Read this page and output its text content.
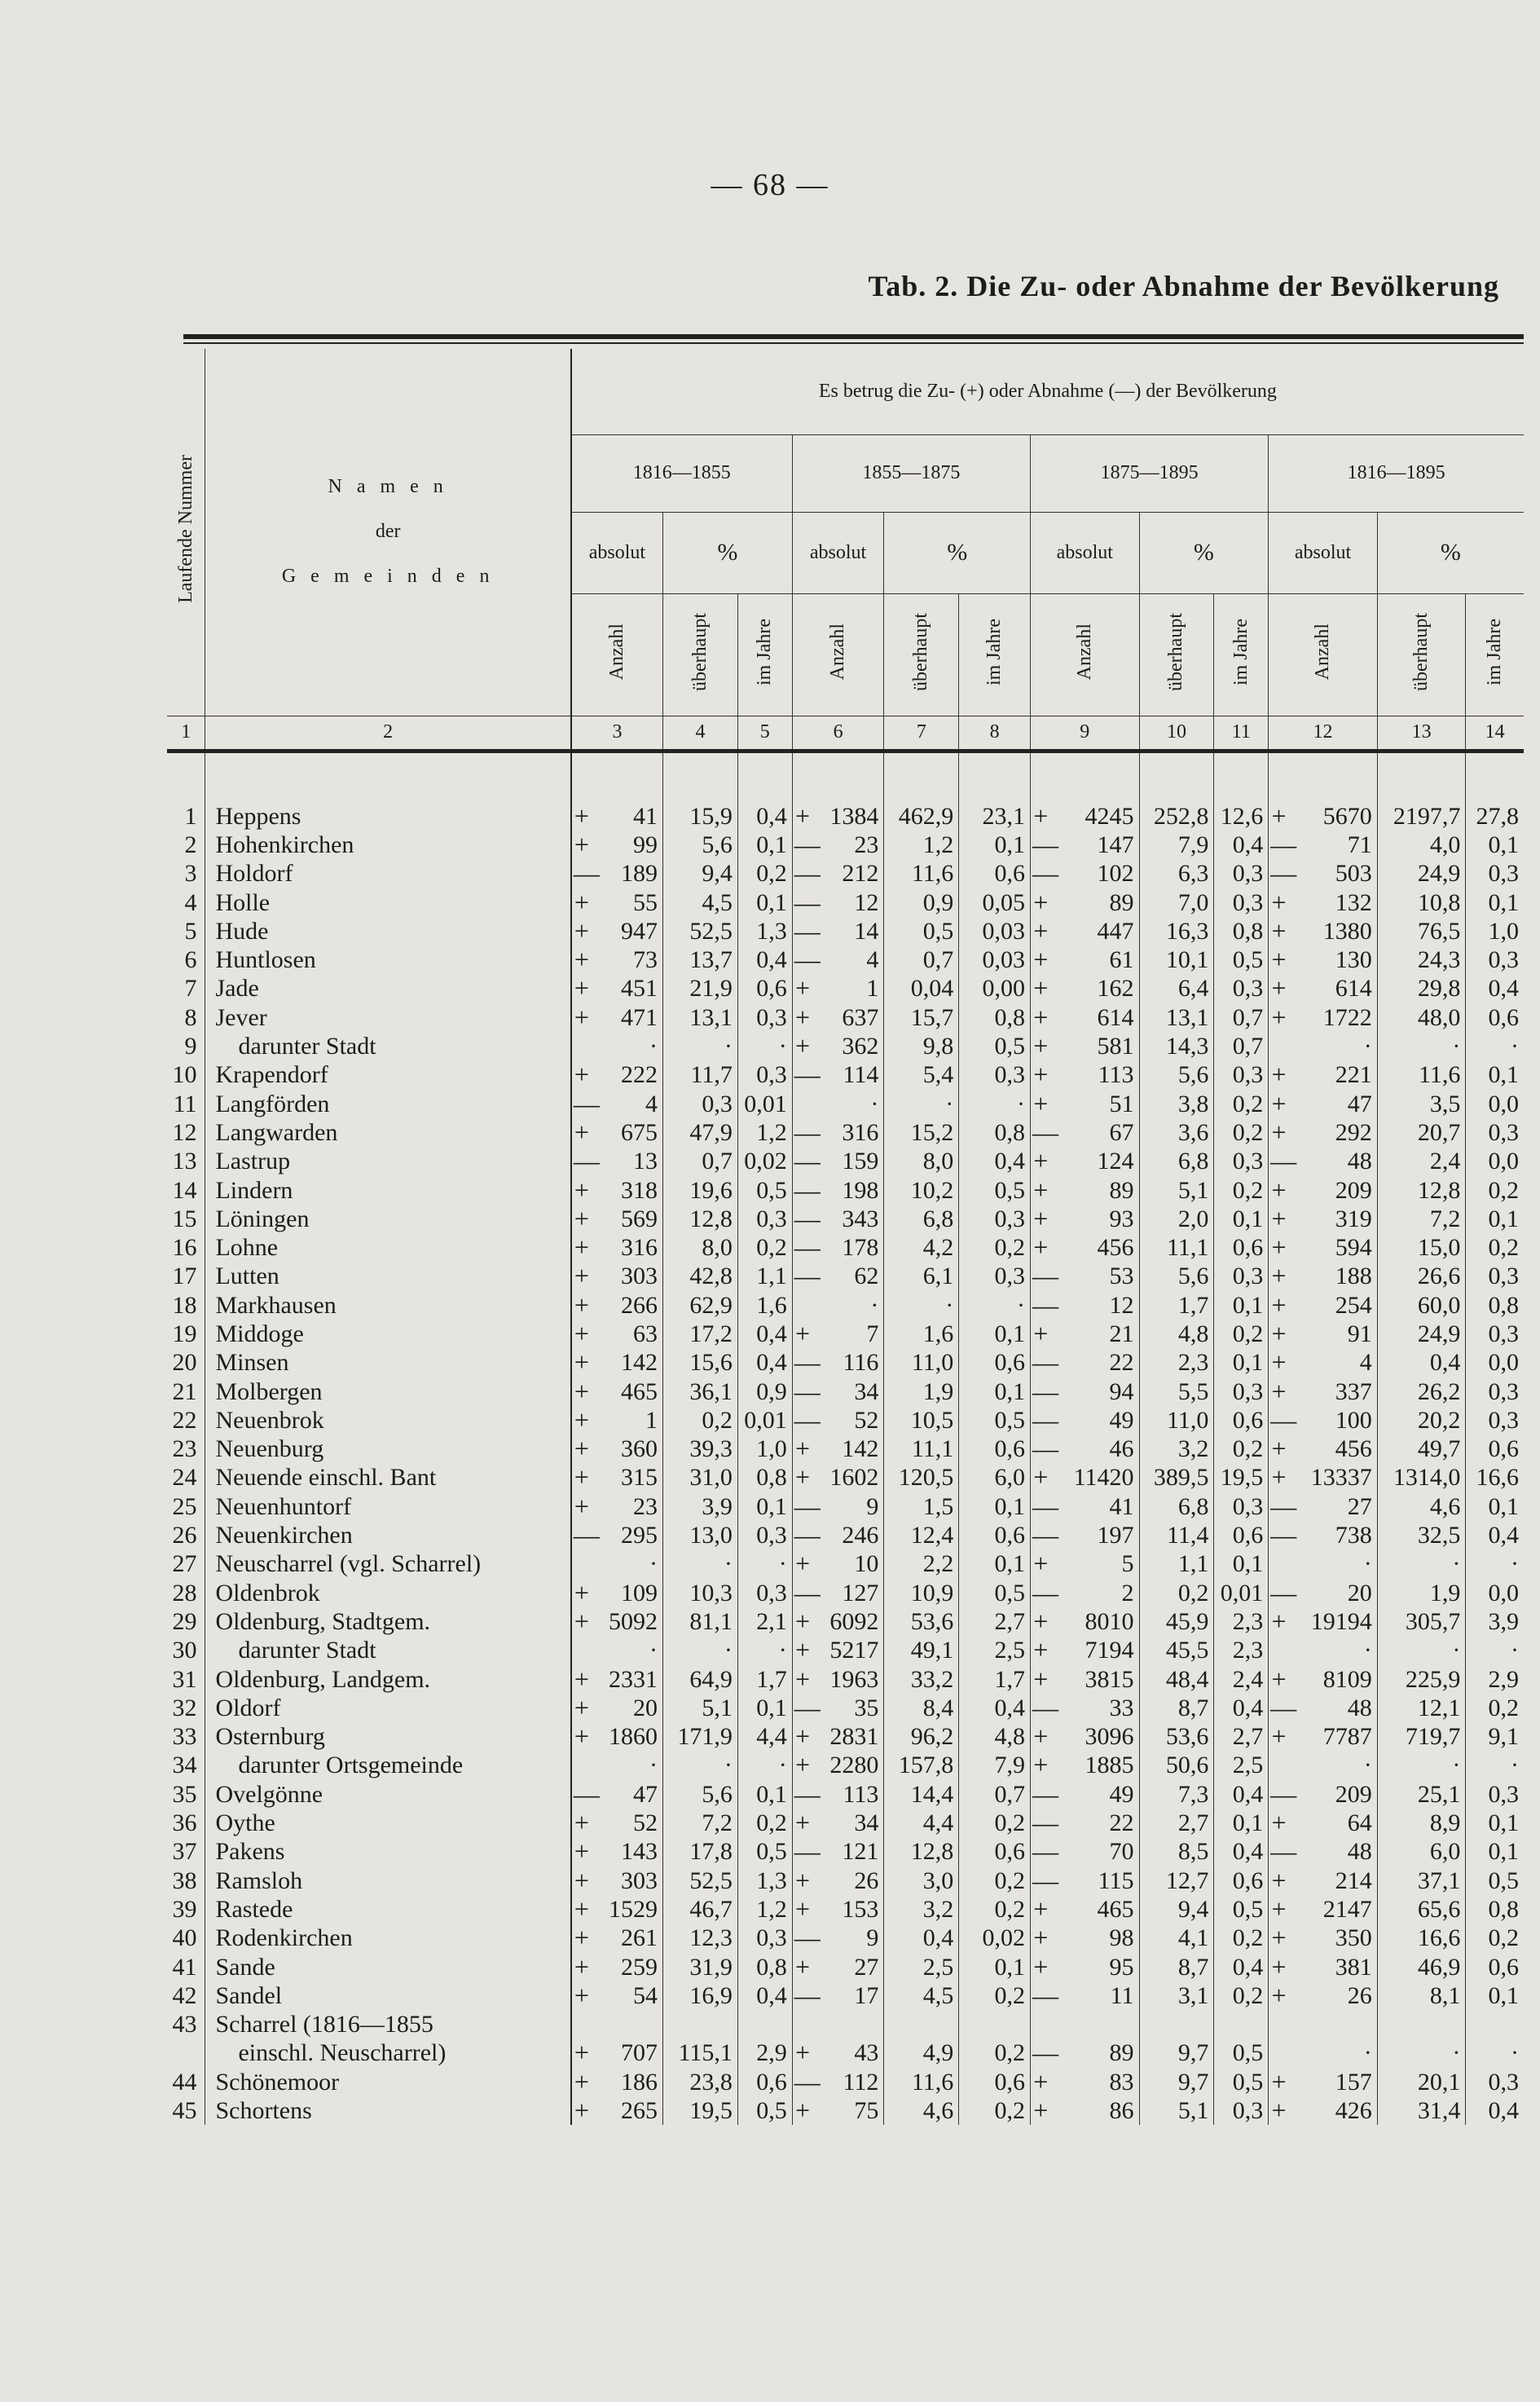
— 68 —
Tab. 2. Die Zu- oder Abnahme der Bevölkerung
Laufende Nummer	N a m e n
der
G e m e i n d e n	Es betrug die Zu- (+) oder Abnahme (—) der Bevölkerung															
		1816—1855				1855—1875				1875—1895				1816—1895			
		absolut		%		absolut		%		absolut		%		absolut		%	
		Anzahl		überhaupt	im Jahre	Anzahl		überhaupt	im Jahre	Anzahl		überhaupt	im Jahre	Anzahl		überhaupt	im Jahre
1	2	3		4	5	6		7	8	9		10	11	12		13	14

1	Heppens	+	41	15,9	0,4	+	1384	462,9	23,1	+	4245	252,8	12,6	+	5670	2197,7	27,8
2	Hohenkirchen	+	99	5,6	0,1	—	23	1,2	0,1	—	147	7,9	0,4	—	71	4,0	0,1
3	Holdorf	—	189	9,4	0,2	—	212	11,6	0,6	—	102	6,3	0,3	—	503	24,9	0,3
4	Holle	+	55	4,5	0,1	—	12	0,9	0,05	+	89	7,0	0,3	+	132	10,8	0,1
5	Hude	+	947	52,5	1,3	—	14	0,5	0,03	+	447	16,3	0,8	+	1380	76,5	1,0
6	Huntlosen	+	73	13,7	0,4	—	4	0,7	0,03	+	61	10,1	0,5	+	130	24,3	0,3
7	Jade	+	451	21,9	0,6	+	1	0,04	0,00	+	162	6,4	0,3	+	614	29,8	0,4
8	Jever	+	471	13,1	0,3	+	637	15,7	0,8	+	614	13,1	0,7	+	1722	48,0	0,6
9	darunter Stadt		·	·	·	+	362	9,8	0,5	+	581	14,3	0,7		·	·	·
10	Krapendorf	+	222	11,7	0,3	—	114	5,4	0,3	+	113	5,6	0,3	+	221	11,6	0,1
11	Langförden	—	4	0,3	0,01		·	·	·	+	51	3,8	0,2	+	47	3,5	0,0
12	Langwarden	+	675	47,9	1,2	—	316	15,2	0,8	—	67	3,6	0,2	+	292	20,7	0,3
13	Lastrup	—	13	0,7	0,02	—	159	8,0	0,4	+	124	6,8	0,3	—	48	2,4	0,0
14	Lindern	+	318	19,6	0,5	—	198	10,2	0,5	+	89	5,1	0,2	+	209	12,8	0,2
15	Löningen	+	569	12,8	0,3	—	343	6,8	0,3	+	93	2,0	0,1	+	319	7,2	0,1
16	Lohne	+	316	8,0	0,2	—	178	4,2	0,2	+	456	11,1	0,6	+	594	15,0	0,2
17	Lutten	+	303	42,8	1,1	—	62	6,1	0,3	—	53	5,6	0,3	+	188	26,6	0,3
18	Markhausen	+	266	62,9	1,6		·	·	·	—	12	1,7	0,1	+	254	60,0	0,8
19	Middoge	+	63	17,2	0,4	+	7	1,6	0,1	+	21	4,8	0,2	+	91	24,9	0,3
20	Minsen	+	142	15,6	0,4	—	116	11,0	0,6	—	22	2,3	0,1	+	4	0,4	0,0
21	Molbergen	+	465	36,1	0,9	—	34	1,9	0,1	—	94	5,5	0,3	+	337	26,2	0,3
22	Neuenbrok	+	1	0,2	0,01	—	52	10,5	0,5	—	49	11,0	0,6	—	100	20,2	0,3
23	Neuenburg	+	360	39,3	1,0	+	142	11,1	0,6	—	46	3,2	0,2	+	456	49,7	0,6
24	Neuende einschl. Bant	+	315	31,0	0,8	+	1602	120,5	6,0	+	11420	389,5	19,5	+	13337	1314,0	16,6
25	Neuenhuntorf	+	23	3,9	0,1	—	9	1,5	0,1	—	41	6,8	0,3	—	27	4,6	0,1
26	Neuenkirchen	—	295	13,0	0,3	—	246	12,4	0,6	—	197	11,4	0,6	—	738	32,5	0,4
27	Neuscharrel (vgl. Scharrel)		·	·	·	+	10	2,2	0,1	+	5	1,1	0,1		·	·	·
28	Oldenbrok	+	109	10,3	0,3	—	127	10,9	0,5	—	2	0,2	0,01	—	20	1,9	0,0
29	Oldenburg, Stadtgem.	+	5092	81,1	2,1	+	6092	53,6	2,7	+	8010	45,9	2,3	+	19194	305,7	3,9
30	darunter Stadt		·	·	·	+	5217	49,1	2,5	+	7194	45,5	2,3		·	·	·
31	Oldenburg, Landgem.	+	2331	64,9	1,7	+	1963	33,2	1,7	+	3815	48,4	2,4	+	8109	225,9	2,9
32	Oldorf	+	20	5,1	0,1	—	35	8,4	0,4	—	33	8,7	0,4	—	48	12,1	0,2
33	Osternburg	+	1860	171,9	4,4	+	2831	96,2	4,8	+	3096	53,6	2,7	+	7787	719,7	9,1
34	darunter Ortsgemeinde		·	·	·	+	2280	157,8	7,9	+	1885	50,6	2,5		·	·	·
35	Ovelgönne	—	47	5,6	0,1	—	113	14,4	0,7	—	49	7,3	0,4	—	209	25,1	0,3
36	Oythe	+	52	7,2	0,2	+	34	4,4	0,2	—	22	2,7	0,1	+	64	8,9	0,1
37	Pakens	+	143	17,8	0,5	—	121	12,8	0,6	—	70	8,5	0,4	—	48	6,0	0,1
38	Ramsloh	+	303	52,5	1,3	+	26	3,0	0,2	—	115	12,7	0,6	+	214	37,1	0,5
39	Rastede	+	1529	46,7	1,2	+	153	3,2	0,2	+	465	9,4	0,5	+	2147	65,6	0,8
40	Rodenkirchen	+	261	12,3	0,3	—	9	0,4	0,02	+	98	4,1	0,2	+	350	16,6	0,2
41	Sande	+	259	31,9	0,8	+	27	2,5	0,1	+	95	8,7	0,4	+	381	46,9	0,6
42	Sandel	+	54	16,9	0,4	—	17	4,5	0,2	—	11	3,1	0,2	+	26	8,1	0,1
43	Scharrel (1816—1855																
	einschl. Neuscharrel)	+	707	115,1	2,9	+	43	4,9	0,2	—	89	9,7	0,5		·	·	·
44	Schönemoor	+	186	23,8	0,6	—	112	11,6	0,6	+	83	9,7	0,5	+	157	20,1	0,3
45	Schortens	+	265	19,5	0,5	+	75	4,6	0,2	+	86	5,1	0,3	+	426	31,4	0,4
